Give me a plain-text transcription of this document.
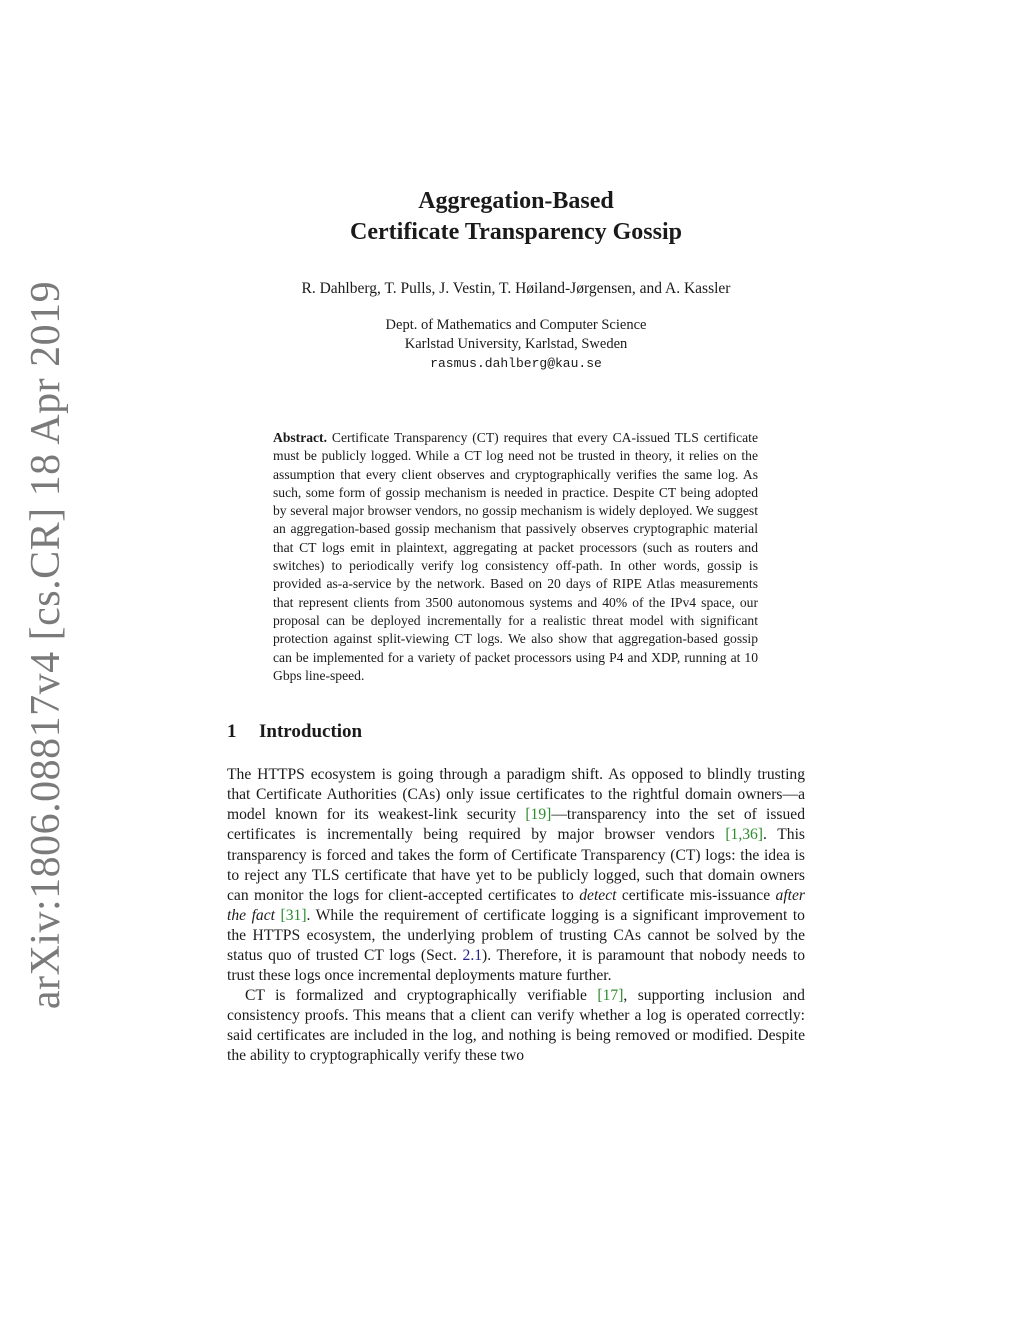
arXiv:1806.08817v4 [cs.CR] 18 Apr 2019
Aggregation-Based
Certificate Transparency Gossip
R. Dahlberg, T. Pulls, J. Vestin, T. Høiland-Jørgensen, and A. Kassler
Dept. of Mathematics and Computer Science
Karlstad University, Karlstad, Sweden
rasmus.dahlberg@kau.se
Abstract. Certificate Transparency (CT) requires that every CA-issued TLS certificate must be publicly logged. While a CT log need not be trusted in theory, it relies on the assumption that every client observes and cryptographically verifies the same log. As such, some form of gossip mechanism is needed in practice. Despite CT being adopted by several major browser vendors, no gossip mechanism is widely deployed. We suggest an aggregation-based gossip mechanism that passively observes cryptographic material that CT logs emit in plaintext, aggregating at packet processors (such as routers and switches) to periodically verify log consistency off-path. In other words, gossip is provided as-a-service by the network. Based on 20 days of RIPE Atlas measurements that represent clients from 3500 autonomous systems and 40% of the IPv4 space, our proposal can be deployed incrementally for a realistic threat model with significant protection against split-viewing CT logs. We also show that aggregation-based gossip can be implemented for a variety of packet processors using P4 and XDP, running at 10 Gbps line-speed.
1	Introduction

The HTTPS ecosystem is going through a paradigm shift. As opposed to blindly trusting that Certificate Authorities (CAs) only issue certificates to the rightful domain owners—a model known for its weakest-link security [19]—transparency into the set of issued certificates is incrementally being required by major browser vendors [1,36]. This transparency is forced and takes the form of Certificate Transparency (CT) logs: the idea is to reject any TLS certificate that have yet to be publicly logged, such that domain owners can monitor the logs for client-accepted certificates to detect certificate mis-issuance after the fact [31]. While the requirement of certificate logging is a significant improvement to the HTTPS ecosystem, the underlying problem of trusting CAs cannot be solved by the status quo of trusted CT logs (Sect. 2.1). Therefore, it is paramount that nobody needs to trust these logs once incremental deployments mature further.

CT is formalized and cryptographically verifiable [17], supporting inclusion and consistency proofs. This means that a client can verify whether a log is operated correctly: said certificates are included in the log, and nothing is being removed or modified. Despite the ability to cryptographically verify these two
